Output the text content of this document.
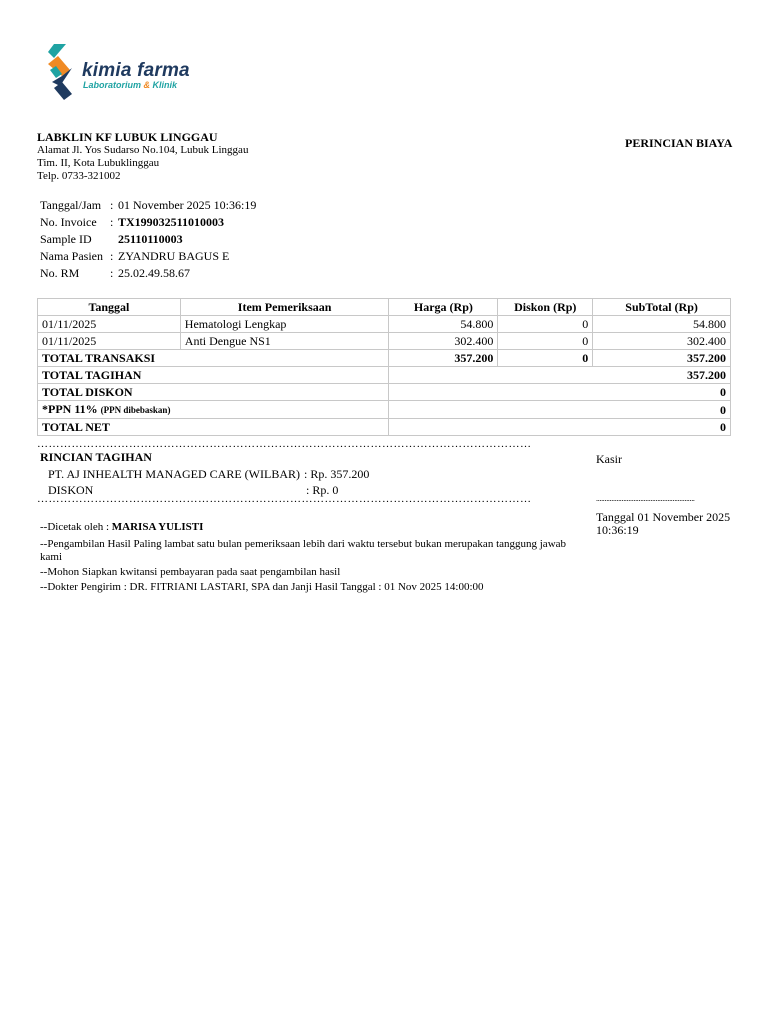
kimia farma
Laboratorium & Klinik
LABKLIN KF LUBUK LINGGAU
Alamat Jl. Yos Sudarso No.104, Lubuk Linggau
Tim. II, Kota Lubuklinggau
Telp. 0733-321002
PERINCIAN BIAYA
Tanggal/Jam : 01 November 2025 10:36:19
No. Invoice : TX199032511010003
Sample ID 25110110003
Nama Pasien : ZYANDRU BAGUS E
No. RM	: 25.02.49.58.67
Tanggal	Item Pemeriksaan	Harga (Rp)	Diskon (Rp)	SubTotal (Rp)
01/11/2025	Hematologi Lengkap	54.800	0	54.800
01/11/2025	Anti Dengue NS1	302.400	0	302.400
TOTAL TRANSAKSI		357.200	0	357.200
TOTAL TAGIHAN		357.200		
TOTAL DISKON		0		
*PPN 11% (PPN dibebaskan)		0		
TOTAL NET		0		
…………………………………………………………………………………………………………………
RINCIAN TAGIHAN
PT. AJ INHEALTH MANAGED CARE (WILBAR) : Rp. 357.200
DISKON	: Rp. 0
…………………………………………………………………………………………………………………
Kasir
..........................................................
Tanggal 01 November 2025
10:36:19
--Dicetak oleh : MARISA YULISTI
--Pengambilan Hasil Paling lambat satu bulan pemeriksaan lebih dari waktu tersebut bukan merupakan tanggung jawab kami
--Mohon Siapkan kwitansi pembayaran pada saat pengambilan hasil
--Dokter Pengirim : DR. FITRIANI LASTARI, SPA dan Janji Hasil Tanggal : 01 Nov 2025 14:00:00
